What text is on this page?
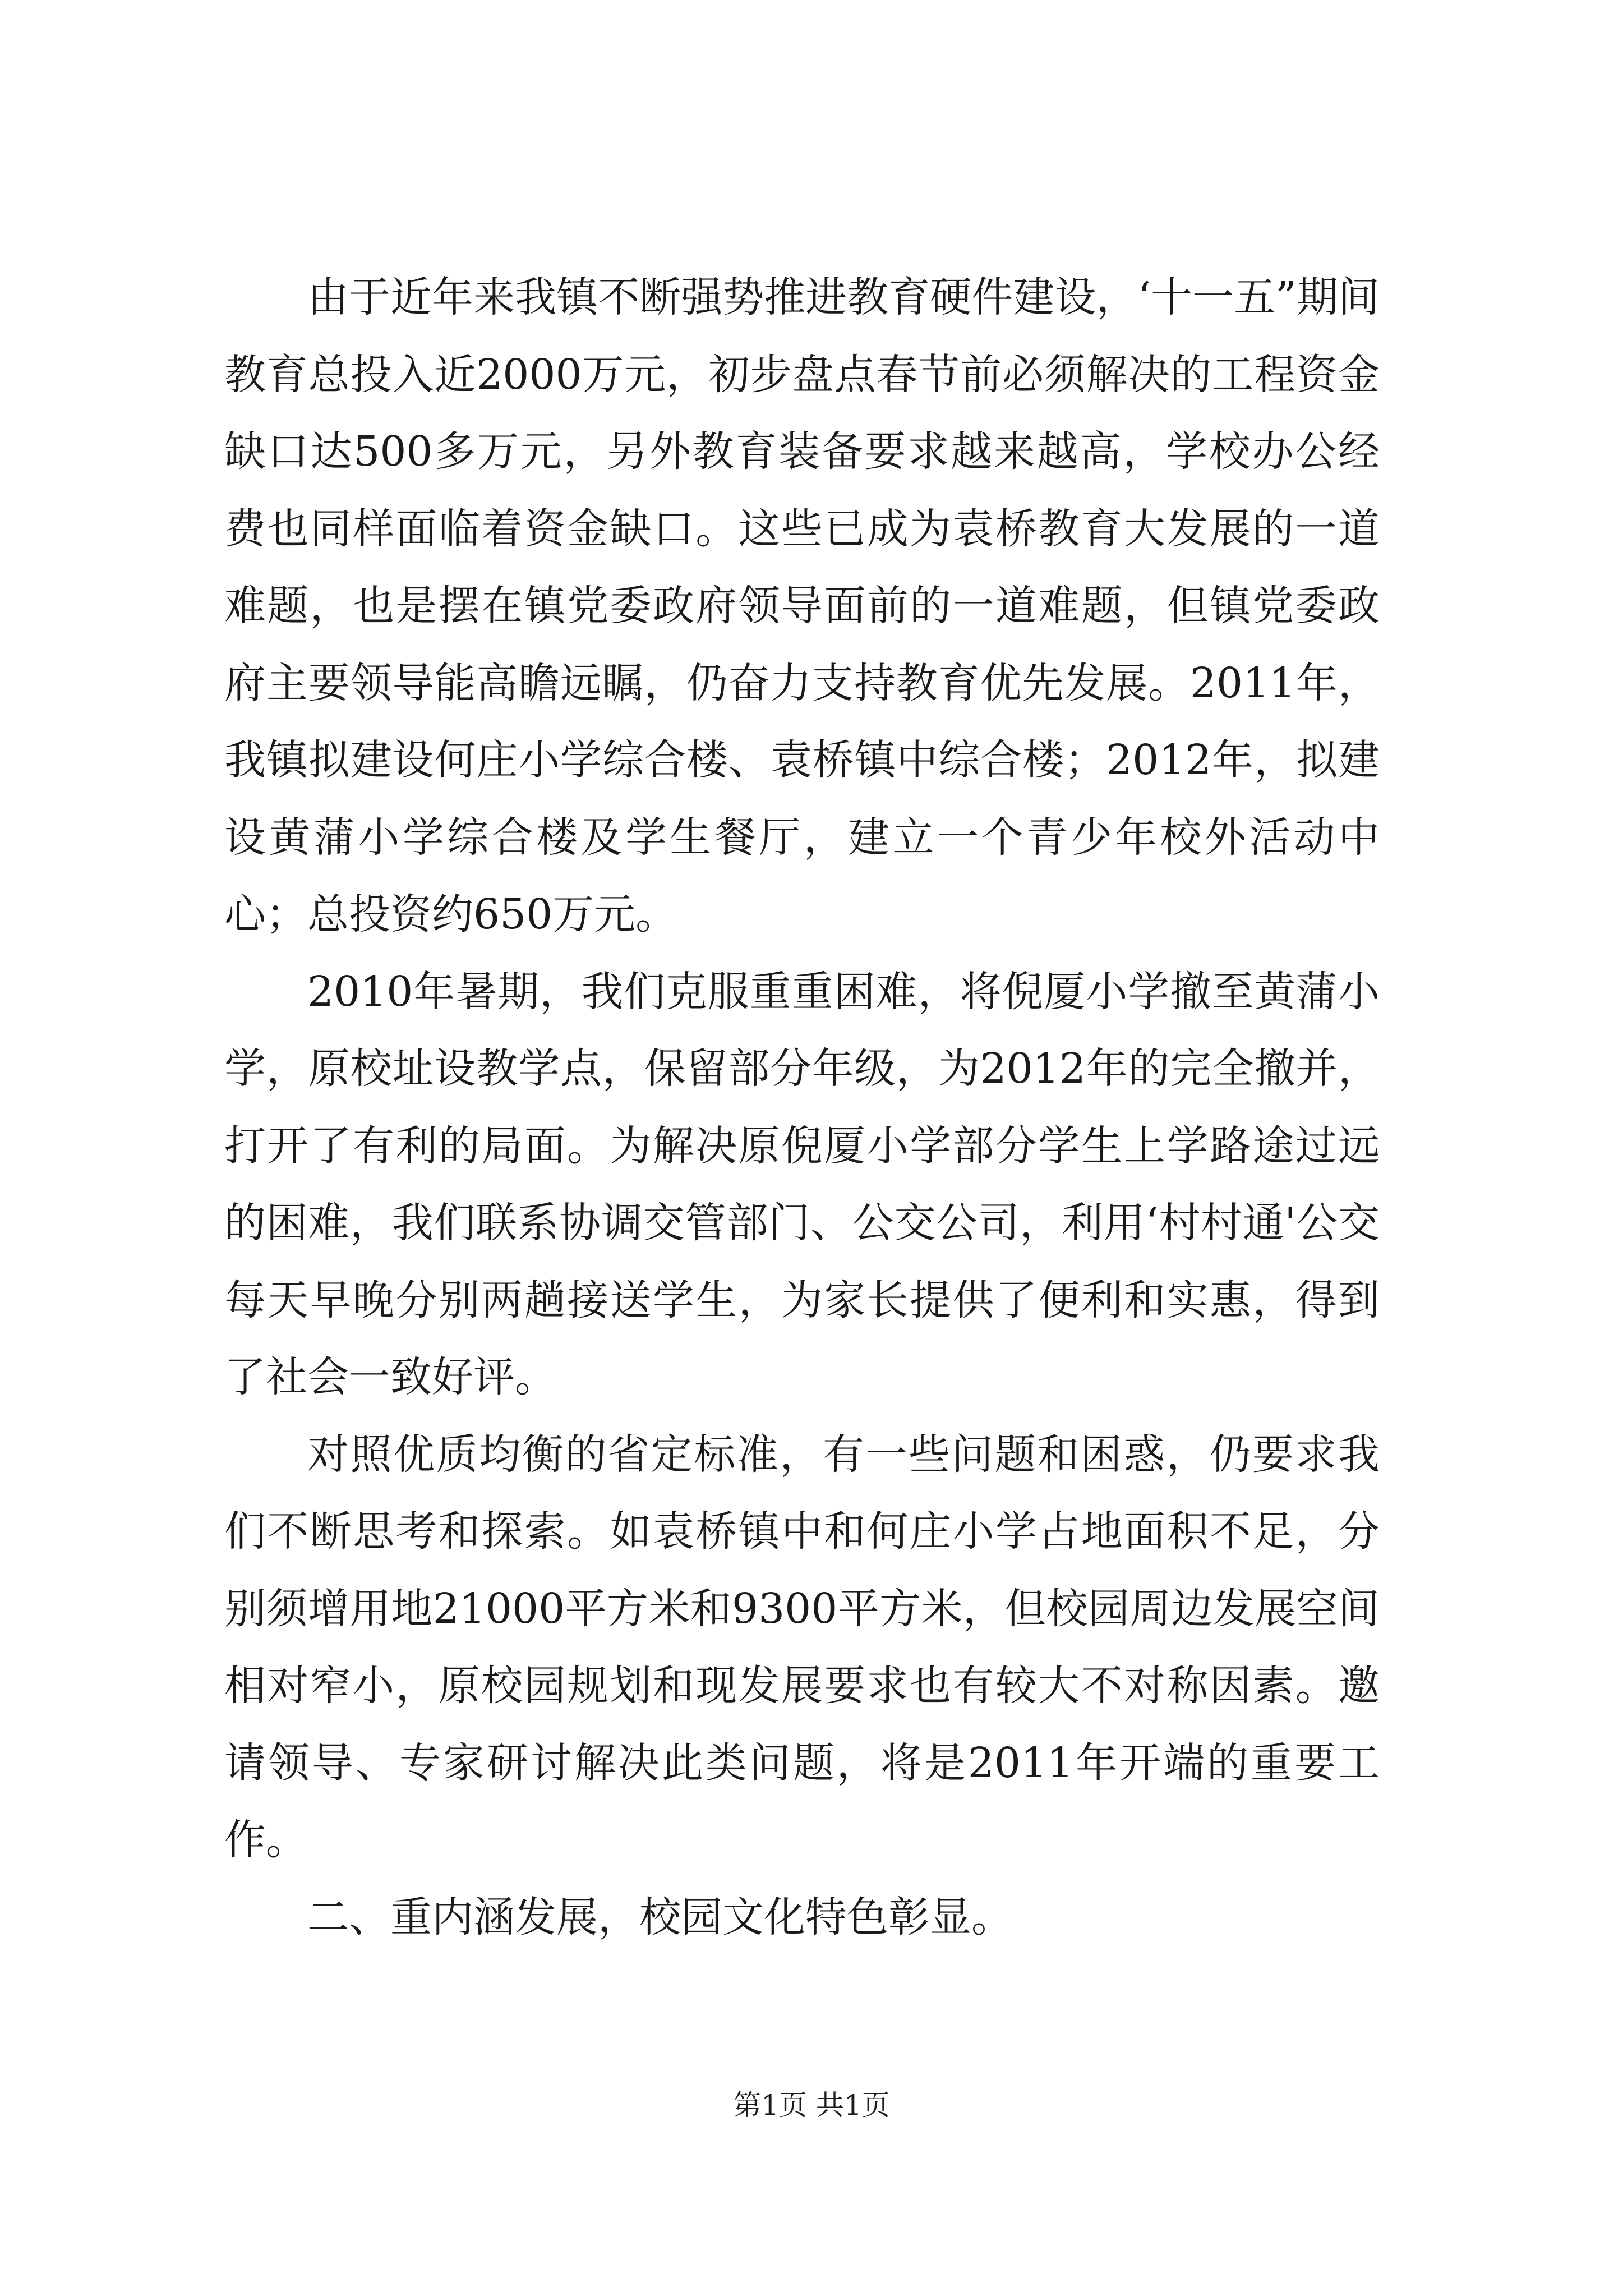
由于近年来我镇不断强势推进教育硬件建设，‘十一五”期间教育总投入近2000万元，初步盘点春节前必须解决的工程资金缺口达500多万元，另外教育装备要求越来越高，学校办公经费也同样面临着资金缺口。这些已成为袁桥教育大发展的一道难题，也是摆在镇党委政府领导面前的一道难题，但镇党委政府主要领导能高瞻远瞩，仍奋力支持教育优先发展。2011年，我镇拟建设何庄小学综合楼、袁桥镇中综合楼；2012年，拟建设黄蒲小学综合楼及学生餐厅，建立一个青少年校外活动中心；总投资约650万元。

2010年暑期，我们克服重重困难，将倪厦小学撤至黄蒲小学，原校址设教学点，保留部分年级，为2012年的完全撤并，打开了有利的局面。为解决原倪厦小学部分学生上学路途过远的困难，我们联系协调交管部门、公交公司，利用‘村村通'公交每天早晚分别两趟接送学生，为家长提供了便利和实惠，得到了社会一致好评。

对照优质均衡的省定标准，有一些问题和困惑，仍要求我们不断思考和探索。如袁桥镇中和何庄小学占地面积不足，分别须增用地21000平方米和9300平方米，但校园周边发展空间相对窄小，原校园规划和现发展要求也有较大不对称因素。邀请领导、专家研讨解决此类问题，将是2011年开端的重要工作。

二、重内涵发展，校园文化特色彰显。

第1页 共1页
